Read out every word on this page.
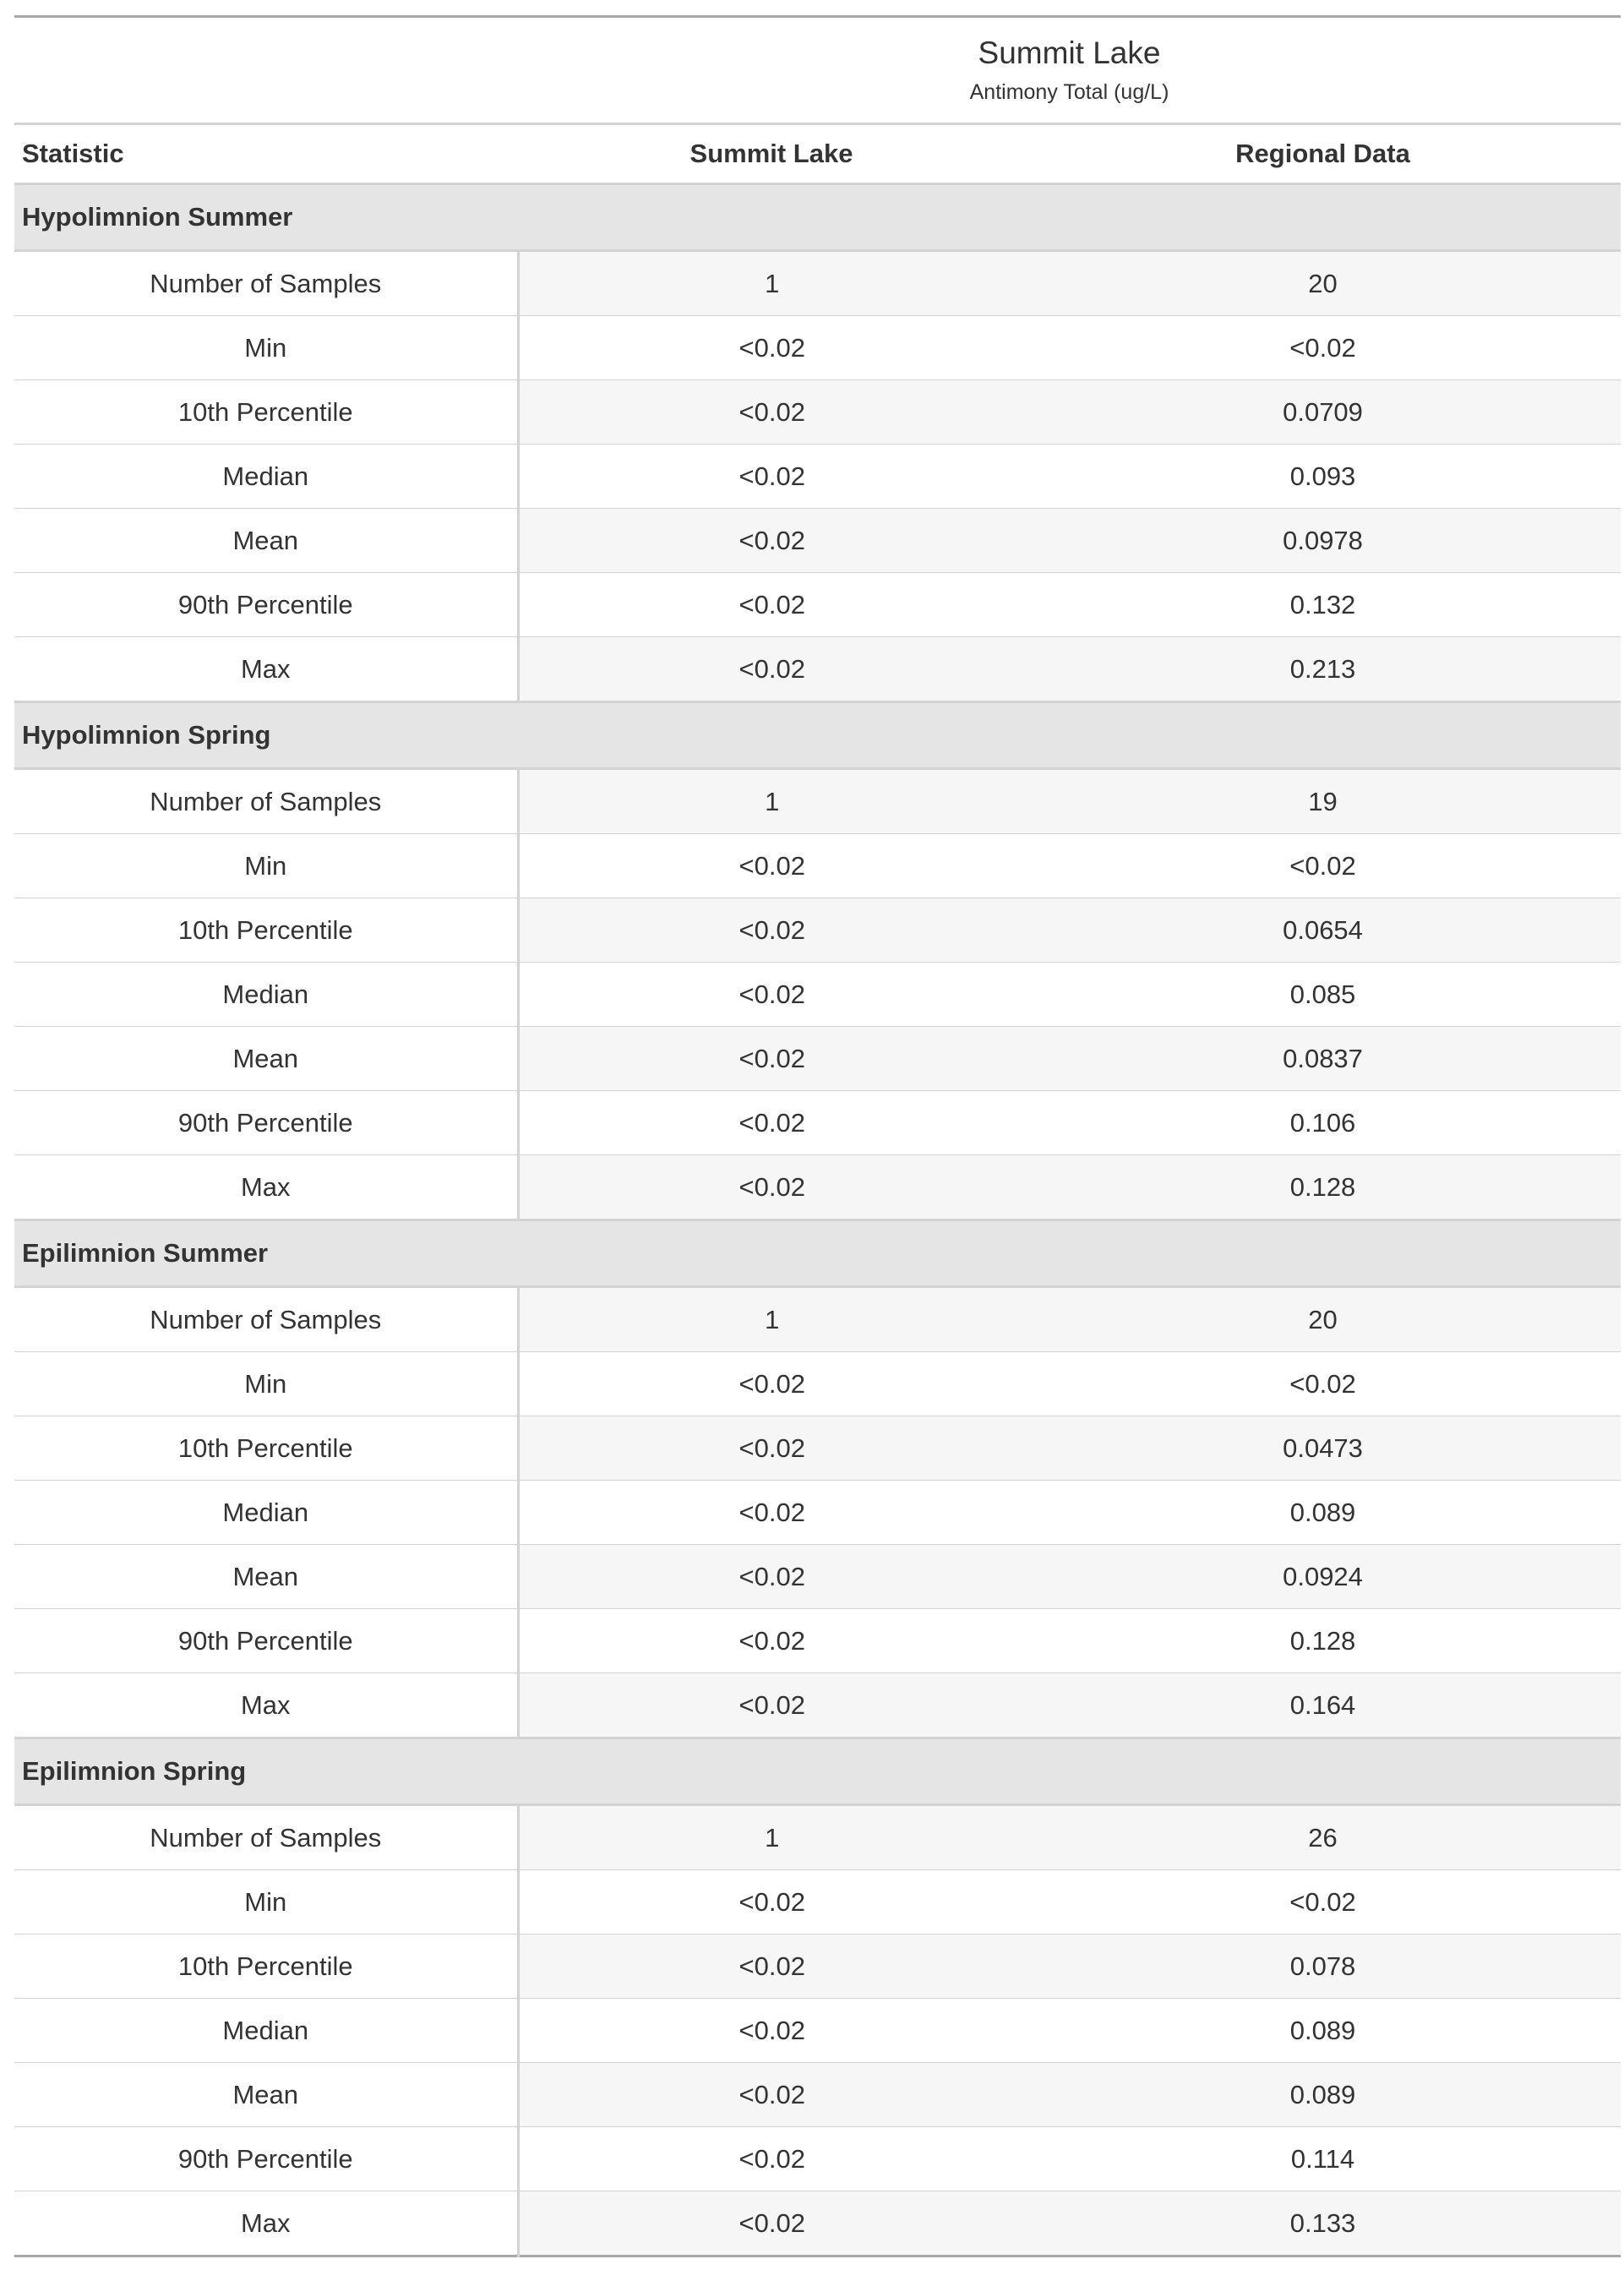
Summit Lake
Antimony Total (ug/L)		

Statistic	Summit Lake	Regional Data
Hypolimnion Summer		
Number of Samples	1	20
Min	<0.02	<0.02
10th Percentile	<0.02	0.0709
Median	<0.02	0.093
Mean	<0.02	0.0978
90th Percentile	<0.02	0.132
Max	<0.02	0.213
Hypolimnion Spring		
Number of Samples	1	19
Min	<0.02	<0.02
10th Percentile	<0.02	0.0654
Median	<0.02	0.085
Mean	<0.02	0.0837
90th Percentile	<0.02	0.106
Max	<0.02	0.128
Epilimnion Summer		
Number of Samples	1	20
Min	<0.02	<0.02
10th Percentile	<0.02	0.0473
Median	<0.02	0.089
Mean	<0.02	0.0924
90th Percentile	<0.02	0.128
Max	<0.02	0.164
Epilimnion Spring		
Number of Samples	1	26
Min	<0.02	<0.02
10th Percentile	<0.02	0.078
Median	<0.02	0.089
Mean	<0.02	0.089
90th Percentile	<0.02	0.114
Max	<0.02	0.133
